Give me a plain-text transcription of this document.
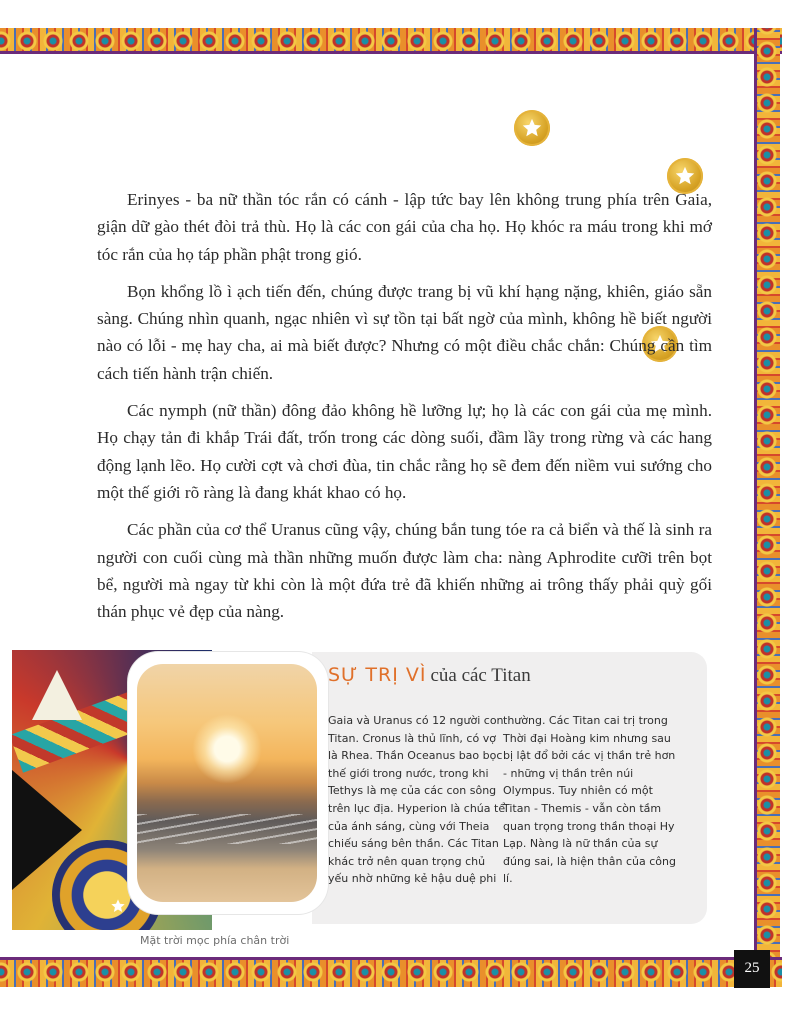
Erinyes - ba nữ thần tóc rắn có cánh - lập tức bay lên không trung phía trên Gaia, giận dữ gào thét đòi trả thù. Họ là các con gái của cha họ. Họ khóc ra máu trong khi mớ tóc rắn của họ táp phần phật trong gió.

Bọn khổng lồ ì ạch tiến đến, chúng được trang bị vũ khí hạng nặng, khiên, giáo sẵn sàng. Chúng nhìn quanh, ngạc nhiên vì sự tồn tại bất ngờ của mình, không hề biết người nào có lỗi - mẹ hay cha, ai mà biết được? Nhưng có một điều chắc chắn: Chúng cần tìm cách tiến hành trận chiến.

Các nymph (nữ thần) đông đảo không hề lưỡng lự; họ là các con gái của mẹ mình. Họ chạy tản đi khắp Trái đất, trốn trong các dòng suối, đầm lầy trong rừng và các hang động lạnh lẽo. Họ cười cợt và chơi đùa, tin chắc rằng họ sẽ đem đến niềm vui sướng cho một thế giới rõ ràng là đang khát khao có họ.

Các phần của cơ thể Uranus cũng vậy, chúng bắn tung tóe ra cả biển và thế là sinh ra người con cuối cùng mà thần những muốn được làm cha: nàng Aphrodite cưỡi trên bọt bể, người mà ngay từ khi còn là một đứa trẻ đã khiến những ai trông thấy phải quỳ gối thán phục vẻ đẹp của nàng.

SỰ TRỊ VÌ của các Titan
Gaia và Uranus có 12 người con Titan. Cronus là thủ lĩnh, có vợ là Rhea. Thần Oceanus bao bọc thế giới trong nước, trong khi Tethys là mẹ của các con sông trên lục địa. Hyperion là chúa tể của ánh sáng, cùng với Theia chiếu sáng bên thần. Các Titan khác trở nên quan trọng chủ yếu nhờ những kẻ hậu duệ phi
thường. Các Titan cai trị trong Thời đại Hoàng kim nhưng sau bị lật đổ bởi các vị thần trẻ hơn - những vị thần trên núi Olympus. Tuy nhiên có một Titan - Themis - vẫn còn tầm quan trọng trong thần thoại Hy Lạp. Nàng là nữ thần của sự đúng sai, là hiện thân của công lí.
Mặt trời mọc phía chân trời
25
